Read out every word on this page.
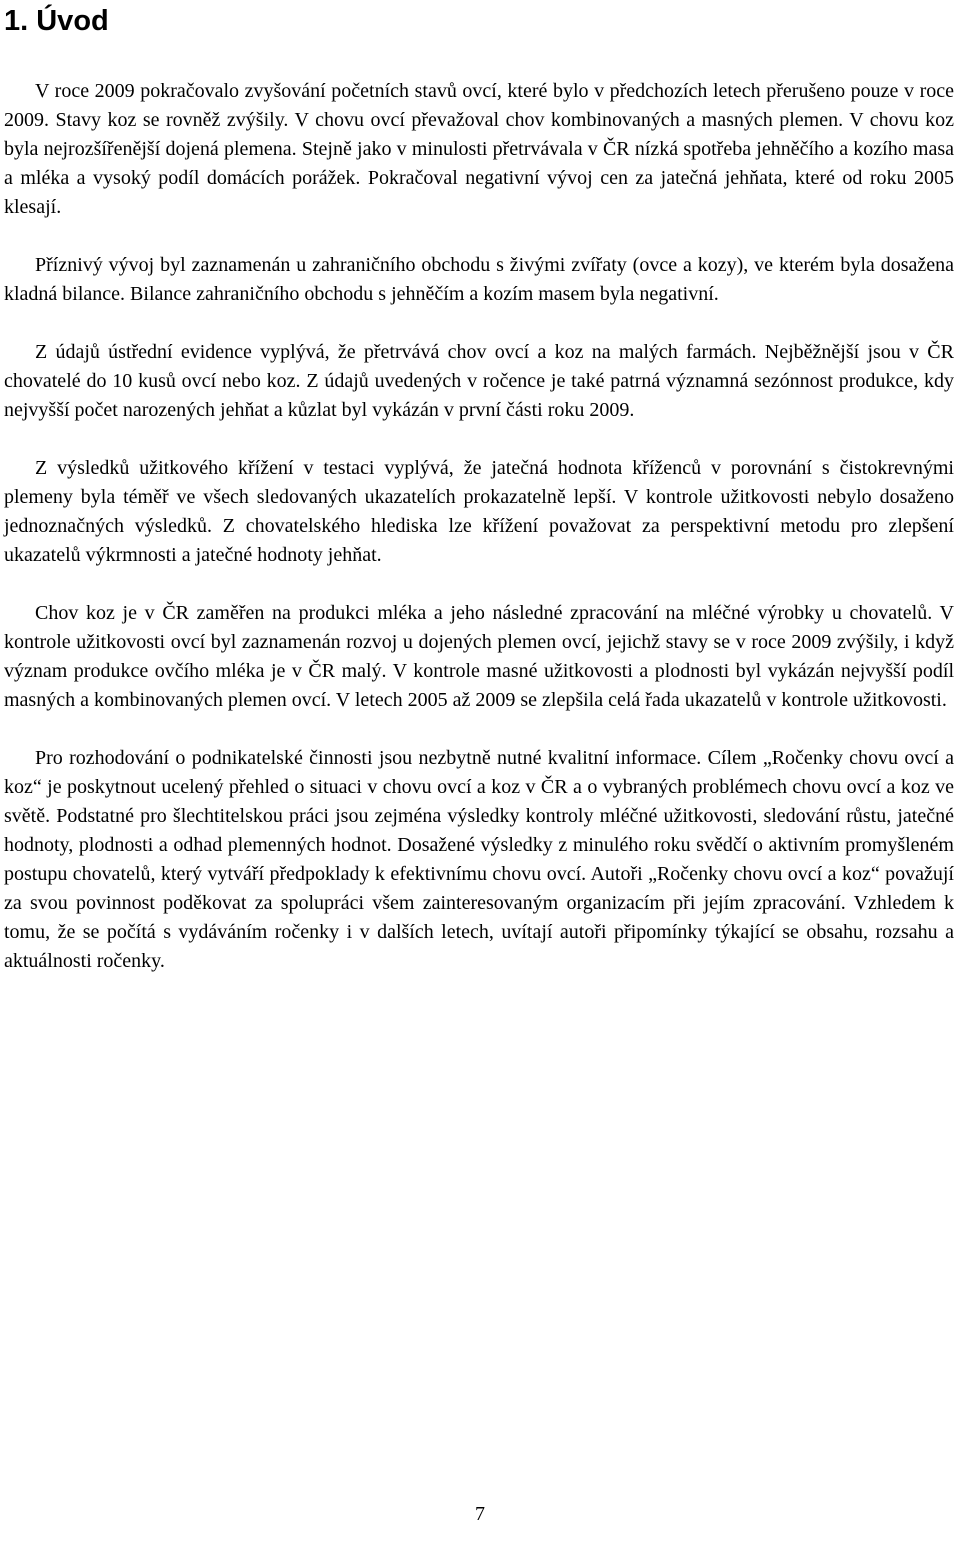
1. Úvod

V roce 2009 pokračovalo zvyšování početních stavů ovcí, které bylo v předchozích letech přerušeno pouze v roce 2009. Stavy koz se rovněž zvýšily. V chovu ovcí převažoval chov kombinovaných a masných plemen. V chovu koz byla nejrozšířenější dojená plemena. Stejně jako v minulosti přetrvávala v ČR nízká spotřeba jehněčího a kozího masa a mléka a vysoký podíl domácích porážek. Pokračoval negativní vývoj cen za jatečná jehňata, které od roku 2005 klesají.

Příznivý vývoj byl zaznamenán u zahraničního obchodu s živými zvířaty (ovce a kozy), ve kterém byla dosažena kladná bilance. Bilance zahraničního obchodu s jehněčím a kozím masem byla negativní.

Z údajů ústřední evidence vyplývá, že přetrvává chov ovcí a koz na malých farmách. Nejběžnější jsou v ČR chovatelé do 10 kusů ovcí nebo koz. Z údajů uvedených v ročence je také patrná významná sezónnost produkce, kdy nejvyšší počet narozených jehňat a kůzlat byl vykázán v první části roku 2009.

Z výsledků užitkového křížení v testaci vyplývá, že jatečná hodnota kříženců v porovnání s čistokrevnými plemeny byla téměř ve všech sledovaných ukazatelích prokazatelně lepší. V kontrole užitkovosti nebylo dosaženo jednoznačných výsledků. Z chovatelského hlediska lze křížení považovat za perspektivní metodu pro zlepšení ukazatelů výkrmnosti a jatečné hodnoty jehňat.

Chov koz je v ČR zaměřen na produkci mléka a jeho následné zpracování na mléčné výrobky u chovatelů. V kontrole užitkovosti ovcí byl zaznamenán rozvoj u dojených plemen ovcí, jejichž stavy se v roce 2009 zvýšily, i když význam produkce ovčího mléka je v ČR malý. V kontrole masné užitkovosti a plodnosti byl vykázán nejvyšší podíl masných a kombinovaných plemen ovcí. V letech 2005 až 2009 se zlepšila celá řada ukazatelů v kontrole užitkovosti.

Pro rozhodování o podnikatelské činnosti jsou nezbytně nutné kvalitní informace. Cílem „Ročenky chovu ovcí a koz“ je poskytnout ucelený přehled o situaci v chovu ovcí a koz v ČR a o vybraných problémech chovu ovcí a koz ve světě. Podstatné pro šlechtitelskou práci jsou zejména výsledky kontroly mléčné užitkovosti, sledování růstu, jatečné hodnoty, plodnosti a odhad plemenných hodnot. Dosažené výsledky z minulého roku svědčí o aktivním promyšleném postupu chovatelů, který vytváří předpoklady k efektivnímu chovu ovcí. Autoři „Ročenky chovu ovcí a koz“ považují za svou povinnost poděkovat za spolupráci všem zainteresovaným organizacím při jejím zpracování. Vzhledem k tomu, že se počítá s vydáváním ročenky i v dalších letech, uvítají autoři připomínky týkající se obsahu, rozsahu a aktuálnosti ročenky.

7
